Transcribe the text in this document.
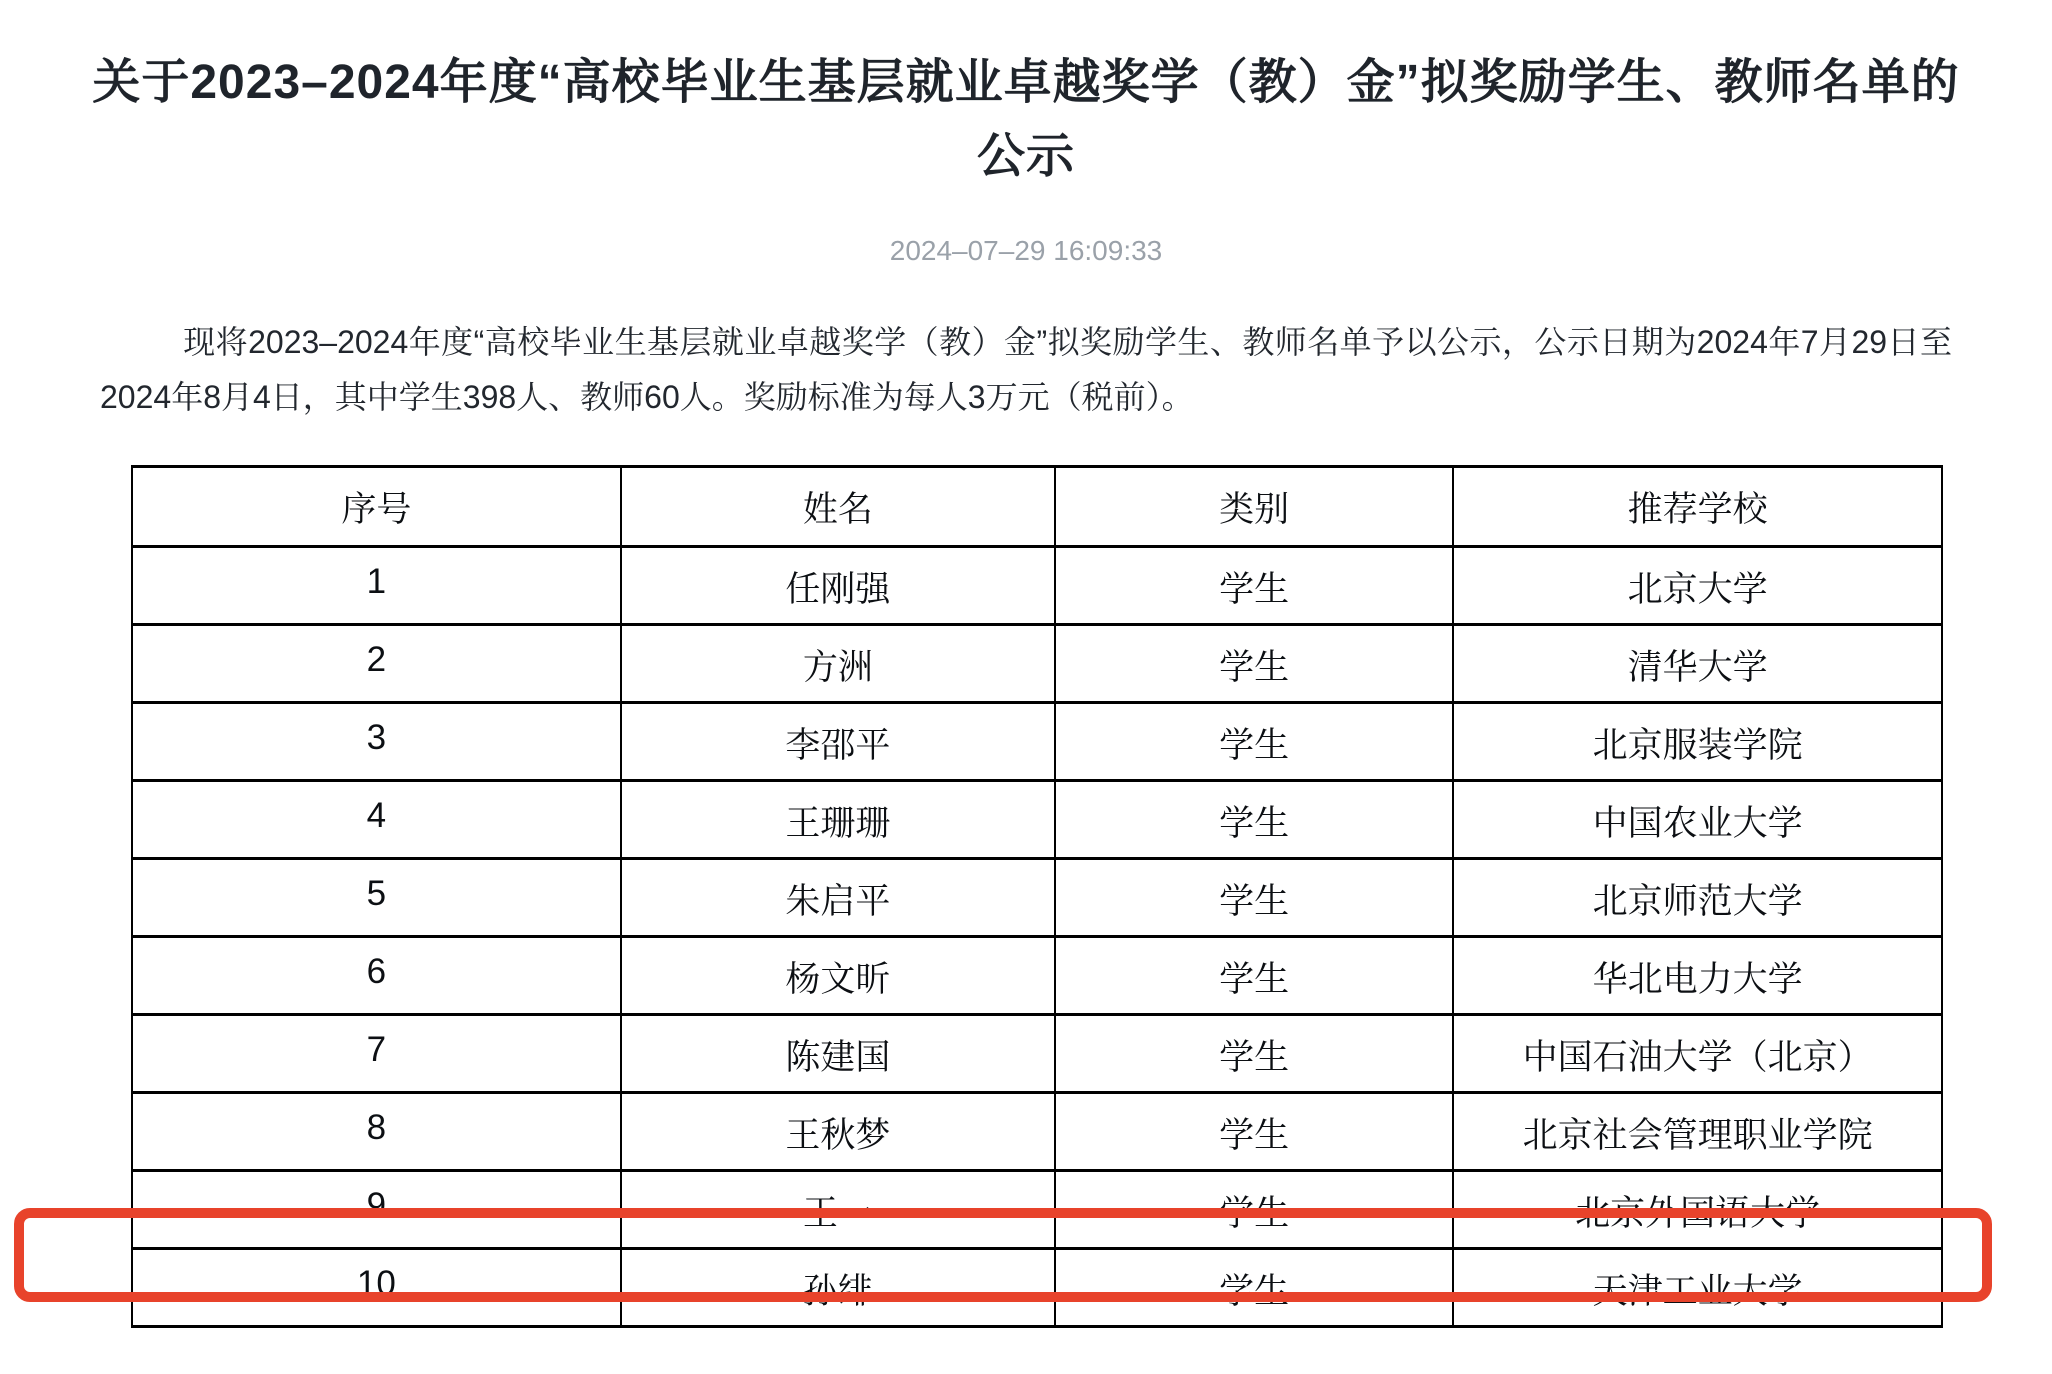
关于2023–2024年度“高校毕业生基层就业卓越奖学（教）金”拟奖励学生、教师名单的公示
2024–07–29 16:09:33

现将2023–2024年度“高校毕业生基层就业卓越奖学（教）金”拟奖励学生、教师名单予以公示，公示日期为2024年7月29日至2024年8月4日，其中学生398人、教师60人。奖励标准为每人3万元（税前）。

序号	姓名	类别	推荐学校
1	任刚强	学生	北京大学
2	方洲	学生	清华大学
3	李邵平	学生	北京服装学院
4	王珊珊	学生	中国农业大学
5	朱启平	学生	北京师范大学
6	杨文昕	学生	华北电力大学
7	陈建国	学生	中国石油大学（北京）
8	王秋梦	学生	北京社会管理职业学院
9	王一	学生	北京外国语大学
10	孙绯	学生	天津工业大学
